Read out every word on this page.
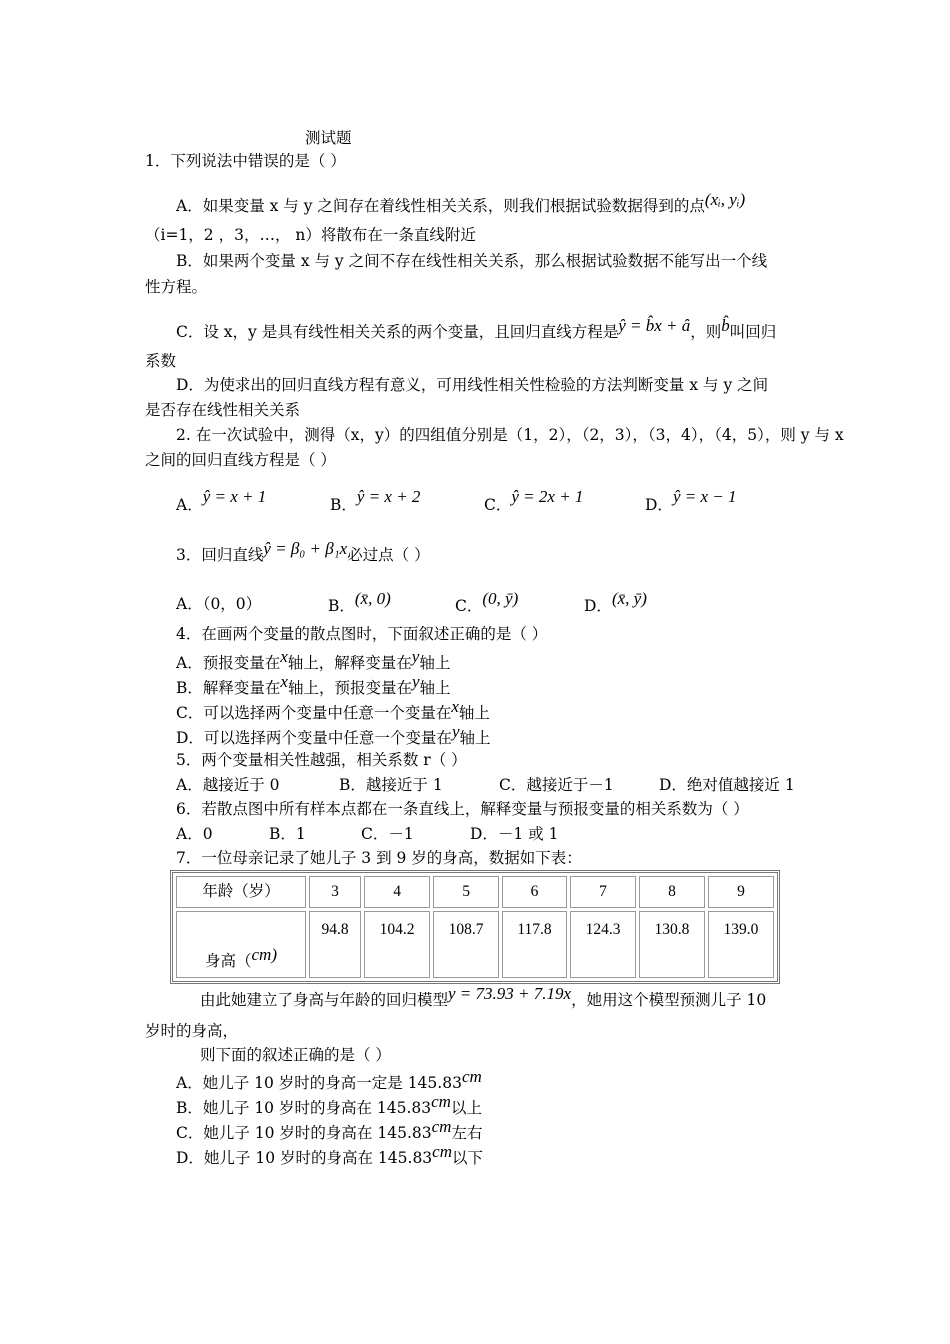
测试题
1．下列说法中错误的是（ ）
A．如果变量 x 与 y 之间存在着线性相关关系，则我们根据试验数据得到的点(xᵢ, yᵢ)
（i=1，2 ，3，…， n）将散布在一条直线附近
B．如果两个变量 x 与 y 之间不存在线性相关关系，那么根据试验数据不能写出一个线
性方程。
C．设 x，y 是具有线性相关关系的两个变量，且回归直线方程是ŷ = b̂x + â，则b̂叫回归
系数
D．为使求出的回归直线方程有意义，可用线性相关性检验的方法判断变量 x 与 y 之间
是否存在线性相关关系
2. 在一次试验中，测得（x，y）的四组值分别是（1，2），（2，3），（3，4），（4，5），则 y 与 x
之间的回归直线方程是（ ）
A．ŷ = x + 1	B．ŷ = x + 2	C．ŷ = 2x + 1	D．ŷ = x − 1
3．回归直线ŷ = β₀ + β₁x必过点（ ）
A．（0，0）	B．(x̄, 0)	C．(0, ȳ)	D．(x̄, ȳ)
4．在画两个变量的散点图时，下面叙述正确的是（ ）
A．预报变量在x轴上，解释变量在y轴上
B．解释变量在x轴上，预报变量在y轴上
C．可以选择两个变量中任意一个变量在x轴上
D．可以选择两个变量中任意一个变量在y轴上
5．两个变量相关性越强，相关系数 r（ ）
A．越接近于 0	B．越接近于 1	C．越接近于－1	D．绝对值越接近 1
6．若散点图中所有样本点都在一条直线上，解释变量与预报变量的相关系数为（ ）
A．0	B．1	C．－1	D．－1 或 1
7．一位母亲记录了她儿子 3 到 9 岁的身高，数据如下表：
年龄（岁）	3	4	5	6	7	8	9
身高（cm)	94.8	104.2	108.7	117.8	124.3	130.8	139.0
由此她建立了身高与年龄的回归模型y = 73.93 + 7.19x，她用这个模型预测儿子 10
岁时的身高，
则下面的叙述正确的是（ ）
A．她儿子 10 岁时的身高一定是 145.83cm
B．她儿子 10 岁时的身高在 145.83cm以上
C．她儿子 10 岁时的身高在 145.83cm左右
D．她儿子 10 岁时的身高在 145.83cm以下
